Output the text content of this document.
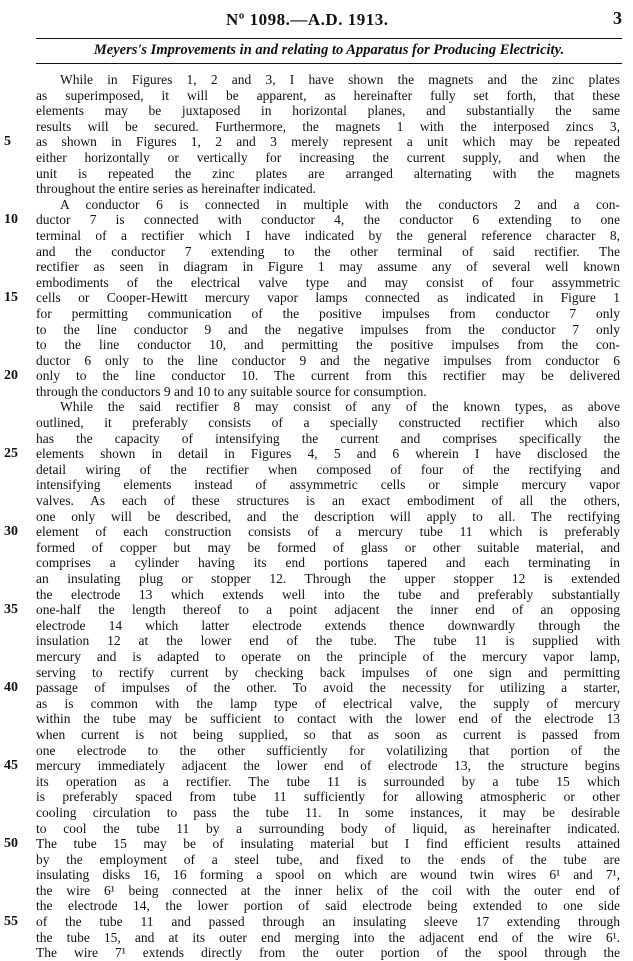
Nº 1098.—A.D. 1913.	3
Meyers's Improvements in and relating to Apparatus for Producing Electricity.
5
10
15
20
25
30
35
40
45
50
55
While in Figures 1, 2 and 3, I have shown the magnets and the zinc plates
as superimposed, it will be apparent, as hereinafter fully set forth, that these
elements may be juxtaposed in horizontal planes, and substantially the same
results will be secured. Furthermore, the magnets 1 with the interposed zincs 3,
as shown in Figures 1, 2 and 3 merely represent a unit which may be repeated
either horizontally or vertically for increasing the current supply, and when the
unit is repeated the zinc plates are arranged alternating with the magnets
throughout the entire series as hereinafter indicated.
A conductor 6 is connected in multiple with the conductors 2 and a con-
ductor 7 is connected with conductor 4, the conductor 6 extending to one
terminal of a rectifier which I have indicated by the general reference character 8,
and the conductor 7 extending to the other terminal of said rectifier. The
rectifier as seen in diagram in Figure 1 may assume any of several well known
embodiments of the electrical valve type and may consist of four assymmetric
cells or Cooper-Hewitt mercury vapor lamps connected as indicated in Figure 1
for permitting communication of the positive impulses from conductor 7 only
to the line conductor 9 and the negative impulses from the conductor 7 only
to the line conductor 10, and permitting the positive impulses from the con-
ductor 6 only to the line conductor 9 and the negative impulses from conductor 6
only to the line conductor 10. The current from this rectifier may be delivered
through the conductors 9 and 10 to any suitable source for consumption.
While the said rectifier 8 may consist of any of the known types, as above
outlined, it preferably consists of a specially constructed rectifier which also
has the capacity of intensifying the current and comprises specifically the
elements shown in detail in Figures 4, 5 and 6 wherein I have disclosed the
detail wiring of the rectifier when composed of four of the rectifying and
intensifying elements instead of assymmetric cells or simple mercury vapor
valves. As each of these structures is an exact embodiment of all the others,
one only will be described, and the description will apply to all. The rectifying
element of each construction consists of a mercury tube 11 which is preferably
formed of copper but may be formed of glass or other suitable material, and
comprises a cylinder having its end portions tapered and each terminating in
an insulating plug or stopper 12. Through the upper stopper 12 is extended
the electrode 13 which extends well into the tube and preferably substantially
one-half the length thereof to a point adjacent the inner end of an opposing
electrode 14 which latter electrode extends thence downwardly through the
insulation 12 at the lower end of the tube. The tube 11 is supplied with
mercury and is adapted to operate on the principle of the mercury vapor lamp,
serving to rectify current by checking back impulses of one sign and permitting
passage of impulses of the other. To avoid the necessity for utilizing a starter,
as is common with the lamp type of electrical valve, the supply of mercury
within the tube may be sufficient to contact with the lower end of the electrode 13
when current is not being supplied, so that as soon as current is passed from
one electrode to the other sufficiently for volatilizing that portion of the
mercury immediately adjacent the lower end of electrode 13, the structure begins
its operation as a rectifier. The tube 11 is surrounded by a tube 15 which
is preferably spaced from tube 11 sufficiently for allowing atmospheric or other
cooling circulation to pass the tube 11. In some instances, it may be desirable
to cool the tube 11 by a surrounding body of liquid, as hereinafter indicated.
The tube 15 may be of insulating material but I find efficient results attained
by the employment of a steel tube, and fixed to the ends of the tube are
insulating disks 16, 16 forming a spool on which are wound twin wires 6¹ and 7¹,
the wire 6¹ being connected at the inner helix of the coil with the outer end of
the electrode 14, the lower portion of said electrode being extended to one side
of the tube 11 and passed through an insulating sleeve 17 extending through
the tube 15, and at its outer end merging into the adjacent end of the wire 6¹.
The wire 7¹ extends directly from the outer portion of the spool through the
